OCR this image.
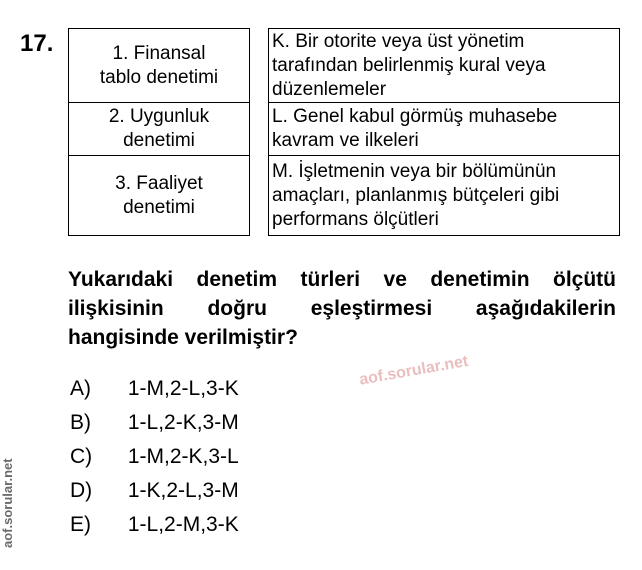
17.	1. Finansal
tablo denetimi

2. Uygunluk
denetimi

3. Faaliyet
denetimi
K. Bir otorite veya üst yönetim
tarafından belirlenmiş kural veya
düzenlemeler

L. Genel kabul görmüş muhasebe
kavram ve ilkeleri

M. İşletmenin veya bir bölümünün
amaçları, planlanmış bütçeleri gibi
performans ölçütleri
Yukarıdaki denetim türleri ve denetimin ölçütü ilişkisinin doğru eşleştirmesi aşağıdakilerin hangisinde verilmiştir?
A) 1-M,2-L,3-K
B) 1-L,2-K,3-M
C) 1-M,2-K,3-L
D) 1-K,2-L,3-M
E) 1-L,2-M,3-K
aof.sorular.net
aof.sorular.net
